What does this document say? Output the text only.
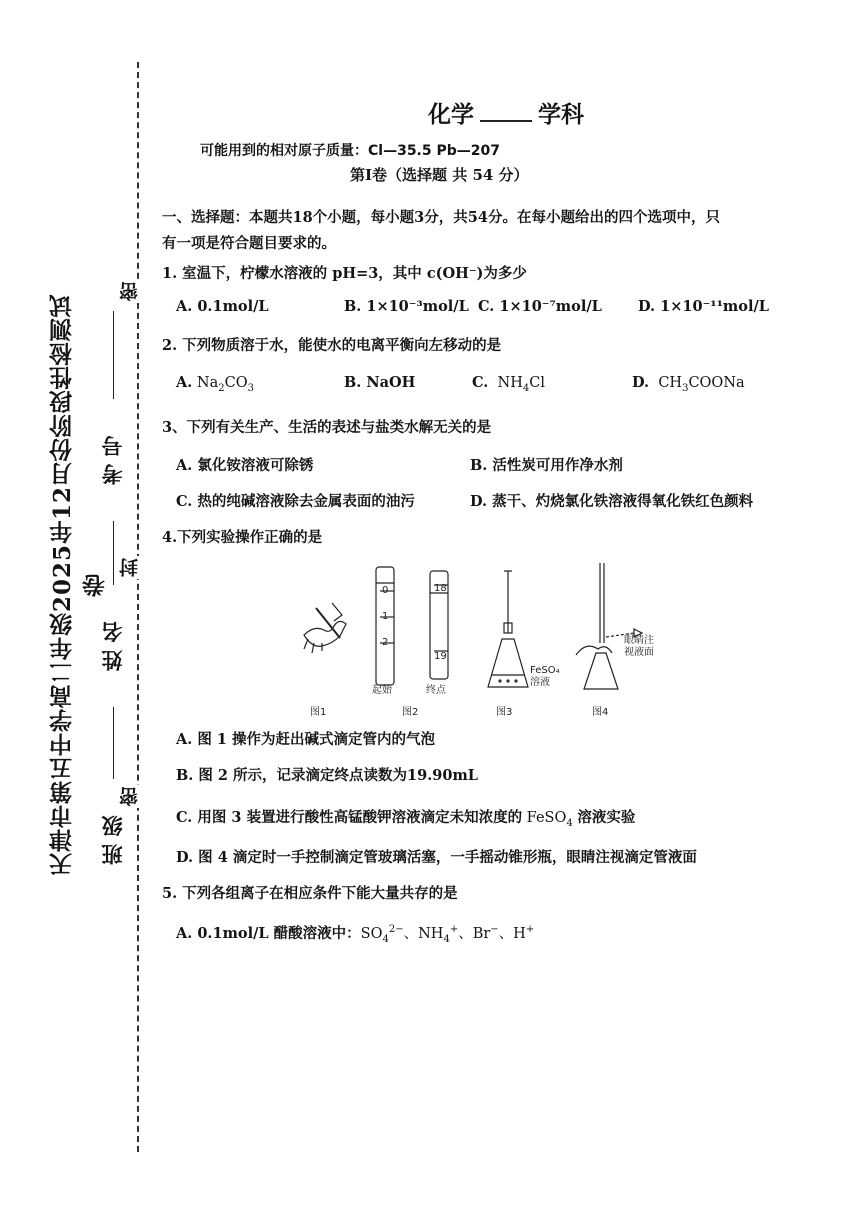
天津市第五中学高二年级2025年12月份阶段性检测试卷
班 级
姓 名
考 号
密
封
密
化学	学科
可能用到的相对原子质量：Cl—35.5 Pb—207
第Ⅰ卷（选择题 共 54 分）
一、选择题：本题共18个小题，每小题3分，共54分。在每小题给出的四个选项中，只
有一项是符合题目要求的。
1. 室温下，柠檬水溶液的 pH=3，其中 c(OH⁻)为多少
A. 0.1mol/L	B. 1×10⁻³mol/L C. 1×10⁻⁷mol/L D. 1×10⁻¹¹mol/L
2. 下列物质溶于水，能使水的电离平衡向左移动的是
A. $Na_2CO_3$	B. NaOH	C.  $NH_4Cl$	D.  $CH_3COONa$
3、下列有关生产、生活的表述与盐类水解无关的是
A. 氯化铵溶液可除锈	B. 活性炭可用作净水剂
C. 热的纯碱溶液除去金属表面的油污	D. 蒸干、灼烧氯化铁溶液得氧化铁红色颜料
4.下列实验操作正确的是
0
1
2
18
19
起始	终点
FeSO₄
溶液
眼睛注
视液面
图1	图2	图3	图4
A. 图 1 操作为赶出碱式滴定管内的气泡
B. 图 2 所示，记录滴定终点读数为19.90mL
C. 用图 3 装置进行酸性高锰酸钾溶液滴定未知浓度的 FeSO$_4$ 溶液实验
D. 图 4 滴定时一手控制滴定管玻璃活塞，一手摇动锥形瓶，眼睛注视滴定管液面
5. 下列各组离子在相应条件下能大量共存的是
A. 0.1mol/L 醋酸溶液中：$SO_4^{2-}$、$NH_4^+$、Br−、H+
